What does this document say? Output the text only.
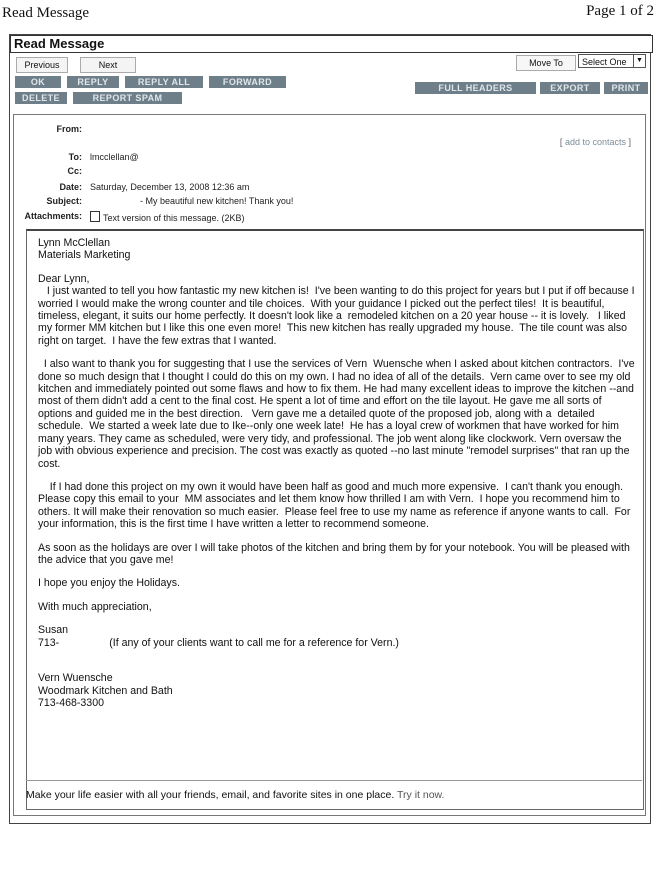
Read Message	Page 1 of 2
Read Message
Previous	Next	Move To	Select One	▼
OK	REPLY	REPLY ALL	FORWARD
DELETE	REPORT SPAM
FULL HEADERS	EXPORT	PRINT
From:
[ add to contacts ]
To: lmcclellan@
Cc:
Date: Saturday, December 13, 2008 12:36 am
Subject:	- My beautiful new kitchen! Thank you!
Attachments:	Text version of this message. (2KB)

Lynn McClellan
Materials Marketing

Dear Lynn,
I just wanted to tell you how fantastic my new kitchen is!  I've been wanting to do this project for years but I put if off because I worried I would make the wrong counter and tile choices.  With your guidance I picked out the perfect tiles!  It is beautiful, timeless, elegant, it suits our home perfectly. It doesn't look like a  remodeled kitchen on a 20 year house -- it is lovely.   I liked my former MM kitchen but I like this one even more!  This new kitchen has really upgraded my house.  The tile count was also right on target.  I have the few extras that I wanted.

I also want to thank you for suggesting that I use the services of Vern  Wuensche when I asked about kitchen contractors.  I've done so much design that I thought I could do this on my own. I had no idea of all of the details.  Vern came over to see my old kitchen and immediately pointed out some flaws and how to fix them. He had many excellent ideas to improve the kitchen --and most of them didn't add a cent to the final cost. He spent a lot of time and effort on the tile layout. He gave me all sorts of options and guided me in the best direction.   Vern gave me a detailed quote of the proposed job, along with a  detailed schedule.  We started a week late due to Ike--only one week late!  He has a loyal crew of workmen that have worked for him many years. They came as scheduled, were very tidy, and professional. The job went along like clockwork. Vern oversaw the job with obvious experience and precision. The cost was exactly as quoted --no last minute "remodel surprises" that ran up the cost.

If I had done this project on my own it would have been half as good and much more expensive.  I can't thank you enough.   Please copy this email to your  MM associates and let them know how thrilled I am with Vern.  I hope you recommend him to others. It will make their renovation so much easier.  Please feel free to use my name as reference if anyone wants to call.  For your information, this is the first time I have written a letter to recommend someone.

As soon as the holidays are over I will take photos of the kitchen and bring them by for your notebook. You will be pleased with the advice that you gave me!

I hope you enjoy the Holidays.

With much appreciation,

Susan
713-                 (If any of your clients want to call me for a reference for Vern.)

Vern Wuensche
Woodmark Kitchen and Bath
713-468-3300

Make your life easier with all your friends, email, and favorite sites in one place. Try it now.
